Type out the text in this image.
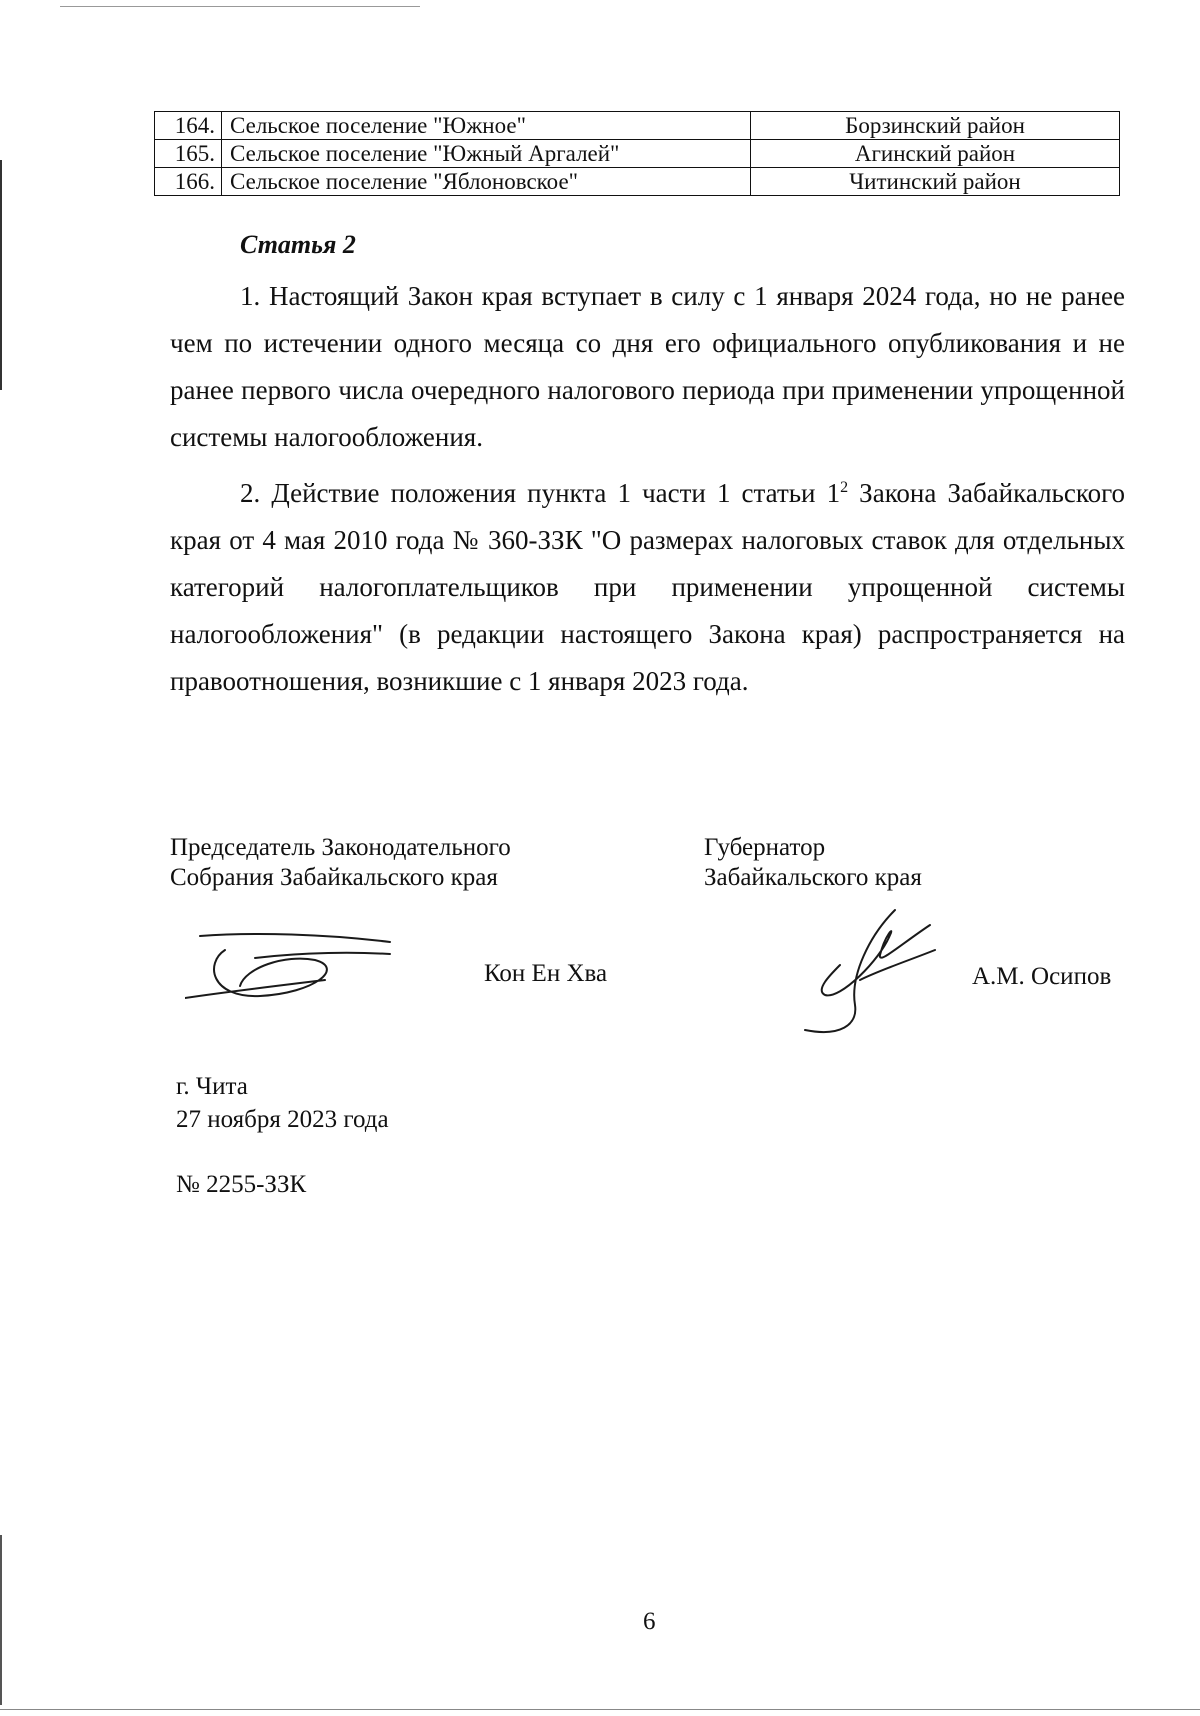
164.	Сельское поселение "Южное"	Борзинский район
165.	Сельское поселение "Южный Аргалей"	Агинский район
166.	Сельское поселение "Яблоновское"	Читинский район
Статья 2

1. Настоящий Закон края вступает в силу с 1 января 2024 года, но не ранее чем по истечении одного месяца со дня его официального опубликования и не ранее первого числа очередного налогового периода при применении упрощенной системы налогообложения.

2. Действие положения пункта 1 части 1 статьи $1^2$ Закона Забайкальского края от 4 мая 2010 года № 360-ЗЗК "О размерах налоговых ставок для отдельных категорий налогоплательщиков при применении упрощенной системы налогообложения" (в редакции настоящего Закона края) распространяется на правоотношения, возникшие с 1 января 2023 года.

Председатель Законодательного
Собрания Забайкальского края
Губернатор
Забайкальского края
Кон Ен Хва	А.М. Осипов
г. Чита
27 ноября 2023 года
№ 2255-ЗЗК
6
